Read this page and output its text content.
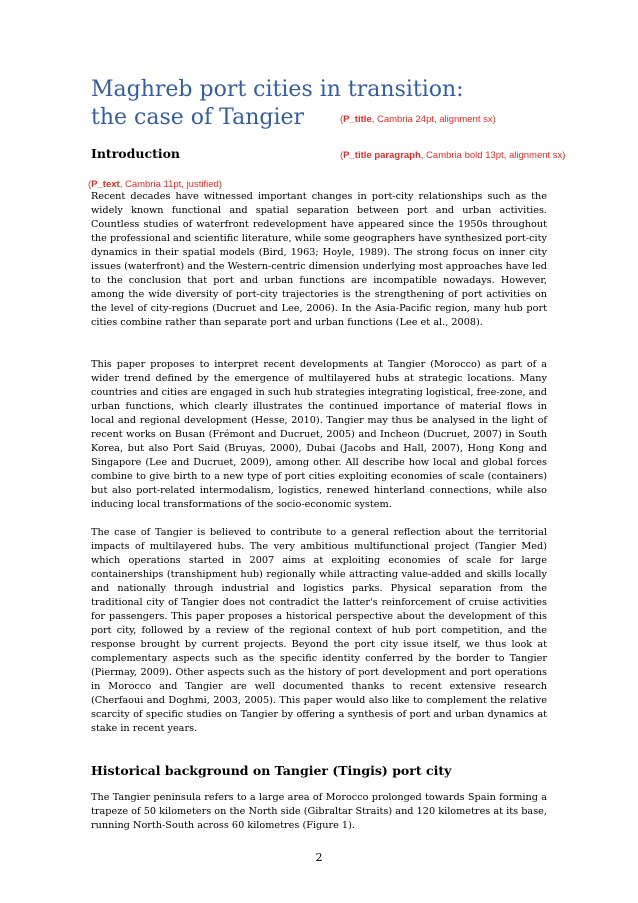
Maghreb port cities in transition:
the case of Tangier	(P_title, Cambria 24pt, alignment sx)
Introduction	(P_title paragraph, Cambria bold 13pt, alignment sx)
(P_text, Cambria 11pt, justified)

Recent decades have witnessed important changes in port-city relationships such as the widely known functional and spatial separation between port and urban activities. Countless studies of waterfront redevelopment have appeared since the 1950s throughout the professional and scientific literature, while some geographers have synthesized port-city dynamics in their spatial models (Bird, 1963; Hoyle, 1989). The strong focus on inner city issues (waterfront) and the Western-centric dimension underlying most approaches have led to the conclusion that port and urban functions are incompatible nowadays. However, among the wide diversity of port-city trajectories is the strengthening of port activities on the level of city-regions (Ducruet and Lee, 2006). In the Asia-Pacific region, many hub port cities combine rather than separate port and urban functions (Lee et al., 2008).

This paper proposes to interpret recent developments at Tangier (Morocco) as part of a wider trend defined by the emergence of multilayered hubs at strategic locations. Many countries and cities are engaged in such hub strategies integrating logistical, free-zone, and urban functions, which clearly illustrates the continued importance of material flows in local and regional development (Hesse, 2010). Tangier may thus be analysed in the light of recent works on Busan (Frémont and Ducruet, 2005) and Incheon (Ducruet, 2007) in South Korea, but also Port Said (Bruyas, 2000), Dubai (Jacobs and Hall, 2007), Hong Kong and Singapore (Lee and Ducruet, 2009), among other. All describe how local and global forces combine to give birth to a new type of port cities exploiting economies of scale (containers) but also port-related intermodalism, logistics, renewed hinterland connections, while also inducing local transformations of the socio-economic system.

The case of Tangier is believed to contribute to a general reflection about the territorial impacts of multilayered hubs. The very ambitious multifunctional project (Tangier Med) which operations started in 2007 aims at exploiting economies of scale for large containerships (transhipment hub) regionally while attracting value-added and skills locally and nationally through industrial and logistics parks. Physical separation from the traditional city of Tangier does not contradict the latter's reinforcement of cruise activities for passengers. This paper proposes a historical perspective about the development of this port city, followed by a review of the regional context of hub port competition, and the response brought by current projects. Beyond the port city issue itself, we thus look at complementary aspects such as the specific identity conferred by the border to Tangier (Piermay, 2009). Other aspects such as the history of port development and port operations in Morocco and Tangier are well documented thanks to recent extensive research (Cherfaoui and Doghmi, 2003, 2005). This paper would also like to complement the relative scarcity of specific studies on Tangier by offering a synthesis of port and urban dynamics at stake in recent years.

Historical background on Tangier (Tingis) port city

The Tangier peninsula refers to a large area of Morocco prolonged towards Spain forming a trapeze of 50 kilometers on the North side (Gibraltar Straits) and 120 kilometres at its base, running North-South across 60 kilometres (Figure 1).

2
